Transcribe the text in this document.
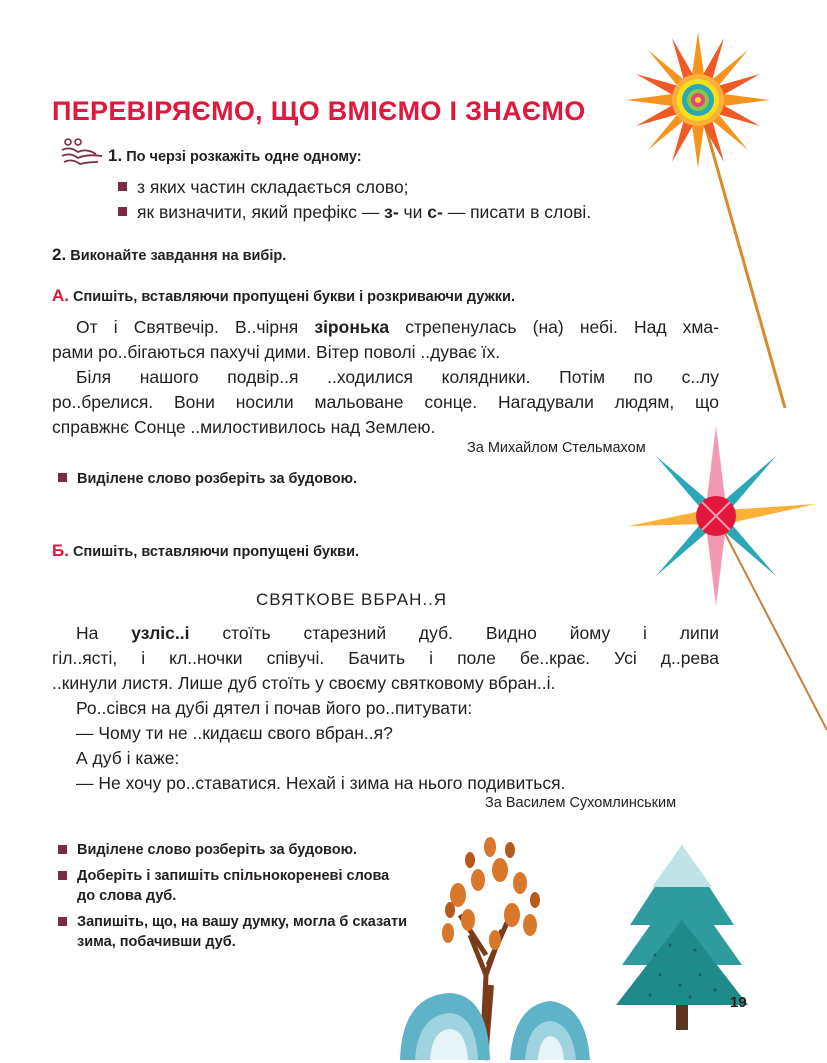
ПЕРЕВІРЯЄМО, ЩО ВМІЄМО І ЗНАЄМО
1. По черзі розкажіть одне одному:
з яких частин складається слово;
як визначити, який префікс — з- чи с- — писати в слові.
2. Виконайте завдання на вибір.
А. Спишіть, вставляючи пропущені букви і розкриваючи дужки.
От і Святвечір. В..чірня зіронька стрепенулась (на) небі. Над хма-
рами ро..бігаються пахучі дими. Вітер поволі ..дуває їх.
Біля нашого подвір..я ..ходилися колядники. Потім по с..лу
ро..брелися. Вони носили мальоване сонце. Нагадували людям, що
справжнє Сонце ..милостивилось над Землею.
За Михайлом Стельмахом
Виділене слово розберіть за будовою.
Б. Спишіть, вставляючи пропущені букви.
СВЯТКОВЕ ВБРАН..Я
На узліс..і стоїть старезний дуб. Видно йому і липи
гіл..ясті, і кл..ночки співучі. Бачить і поле бе..крає. Усі д..рева
..кинули листя. Лише дуб стоїть у своєму святковому вбран..і.
Ро..сівся на дубі дятел і почав його ро..питувати:
— Чому ти не ..кидаєш свого вбран..я?
А дуб і каже:
— Не хочу ро..ставатися. Нехай і зима на нього подивиться.
За Василем Сухомлинським
Виділене слово розберіть за будовою.
Доберіть і запишіть спільнокореневі слова до слова дуб.
Запишіть, що, на вашу думку, могла б сказати зима, побачивши дуб.
19
